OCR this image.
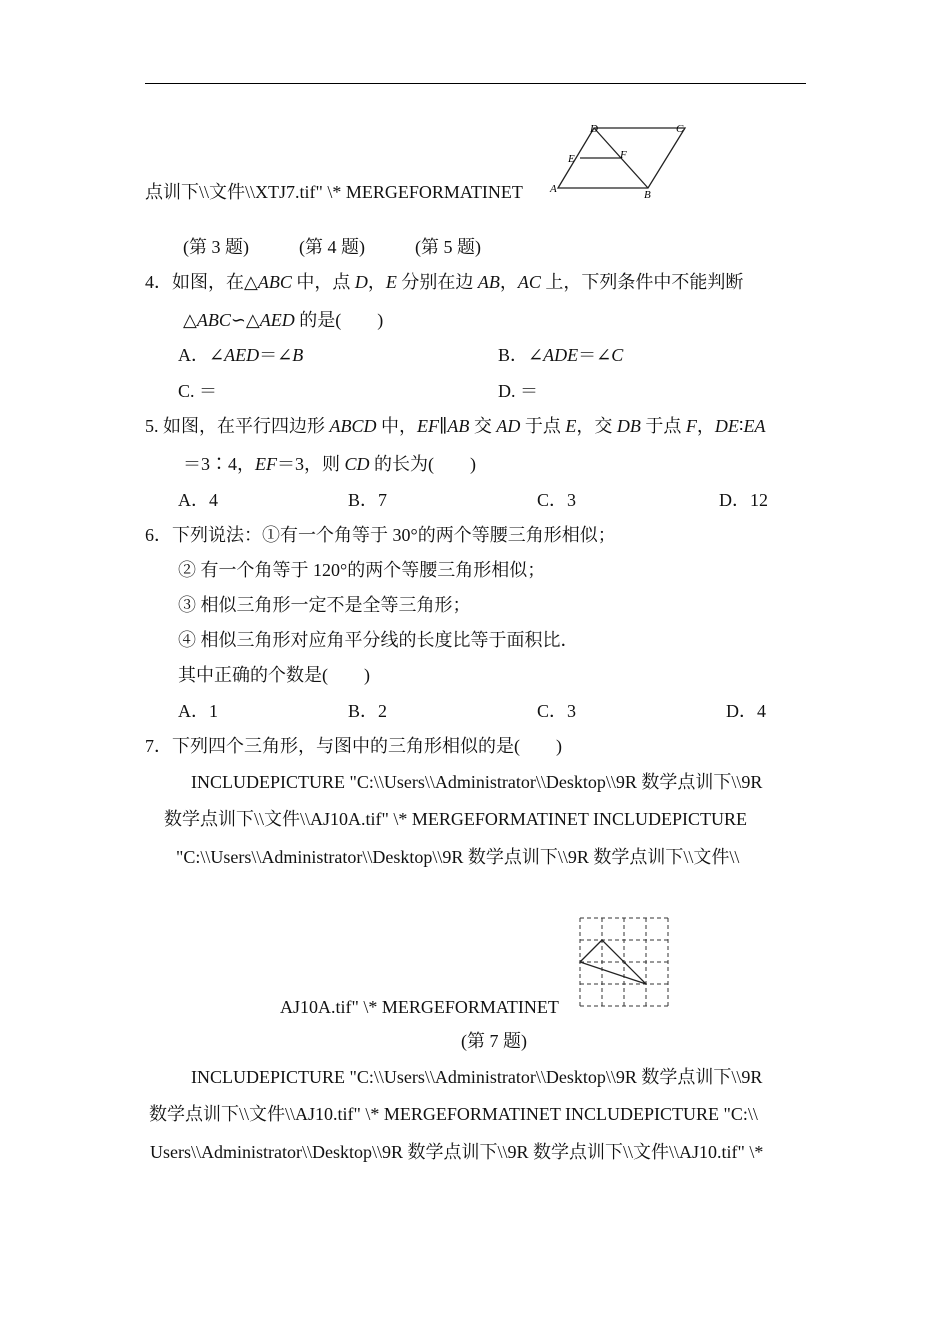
D	C
E	F
A	B
点训下\\文件\\XTJ7.tif" \* MERGEFORMATINET
(第 3 题)	(第 4 题)	(第 5 题)
4．如图，在△ABC 中，点 D，E 分别在边 AB，AC 上，下列条件中不能判断
△ABC∽△AED 的是(　　)
A．∠AED＝∠B	B．∠ADE＝∠C
C. ＝	D. ＝
5. 如图，在平行四边形 ABCD 中，EF∥AB 交 AD 于点 E，交 DB 于点 F，DE∶EA
＝3∶4，EF＝3，则 CD 的长为(　　)
A．4	B．7	C．3	D．12
6．下列说法：①有一个角等于 30°的两个等腰三角形相似；
② 有一个角等于 120°的两个等腰三角形相似；
③ 相似三角形一定不是全等三角形；
④ 相似三角形对应角平分线的长度比等于面积比．
其中正确的个数是(　　)
A．1	B．2	C．3	D．4
7．下列四个三角形，与图中的三角形相似的是(　　)
INCLUDEPICTURE "C:\\Users\\Administrator\\Desktop\\9R 数学点训下\\9R
数学点训下\\文件\\AJ10A.tif" \* MERGEFORMATINET INCLUDEPICTURE
"C:\\Users\\Administrator\\Desktop\\9R 数学点训下\\9R 数学点训下\\文件\\
AJ10A.tif" \* MERGEFORMATINET
(第 7 题)
INCLUDEPICTURE "C:\\Users\\Administrator\\Desktop\\9R 数学点训下\\9R
数学点训下\\文件\\AJ10.tif" \* MERGEFORMATINET INCLUDEPICTURE "C:\\
Users\\Administrator\\Desktop\\9R 数学点训下\\9R 数学点训下\\文件\\AJ10.tif" \*
